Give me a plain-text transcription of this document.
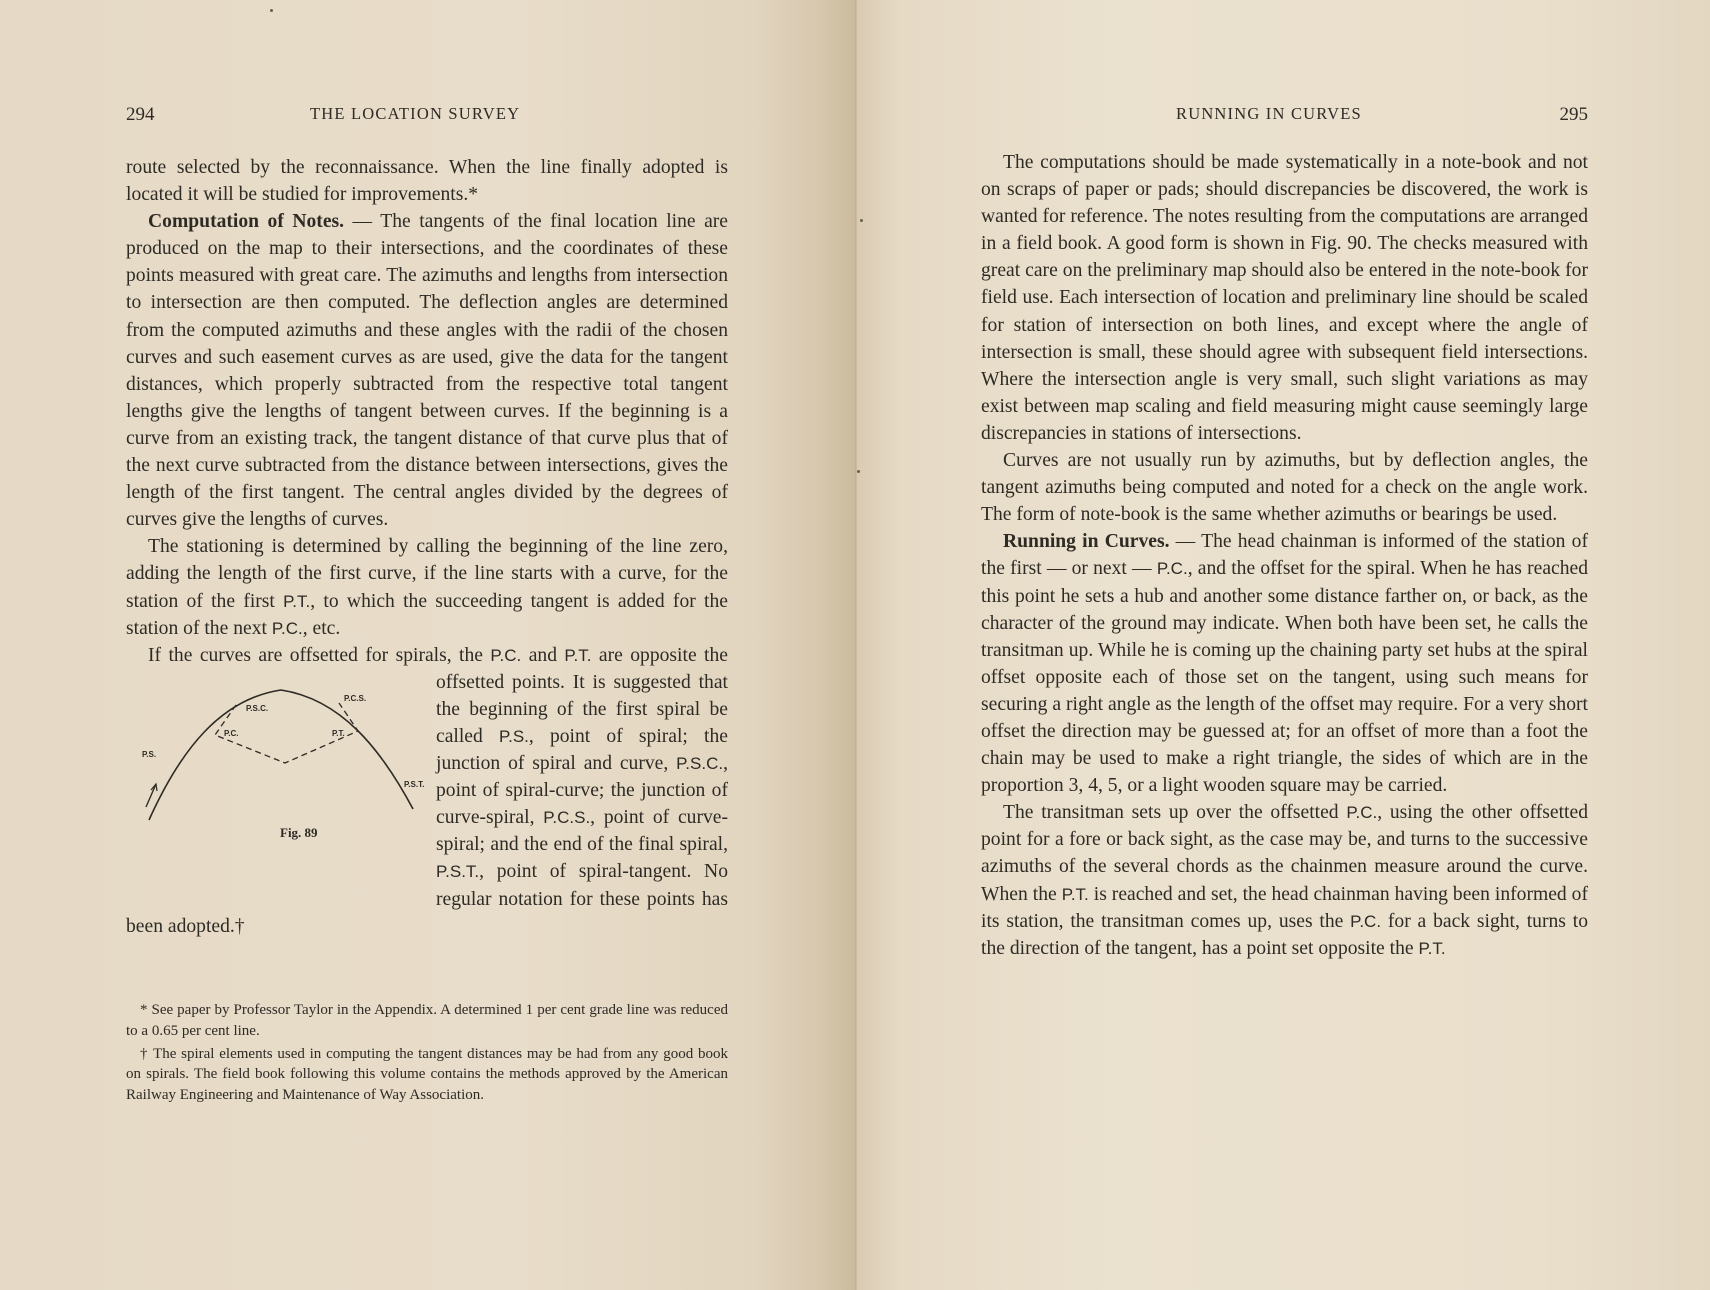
294	THE LOCATION SURVEY

route selected by the reconnaissance. When the line finally adopted is located it will be studied for improvements.*

Computation of Notes. — The tangents of the final location line are produced on the map to their intersections, and the coordinates of these points measured with great care. The azimuths and lengths from intersection to intersection are then computed. The deflection angles are determined from the computed azimuths and these angles with the radii of the chosen curves and such easement curves as are used, give the data for the tangent distances, which properly subtracted from the respective total tangent lengths give the lengths of tangent between curves. If the beginning is a curve from an existing track, the tangent distance of that curve plus that of the next curve subtracted from the distance between intersections, gives the length of the first tangent. The central angles divided by the degrees of curves give the lengths of curves.

The stationing is determined by calling the beginning of the line zero, adding the length of the first curve, if the line starts with a curve, for the station of the first P.T., to which the succeeding tangent is added for the station of the next P.C., etc.

If the curves are offsetted for spirals, the P.C. and P.T.
P.S.
P.S.C.
P.C.	P.T.
P.C.S.
P.S.T.
Fig. 89
are opposite the offsetted points. It is suggested that the beginning of the first spiral be called P.S., point of spiral; the junction of spiral and curve, P.S.C., point of spiral-curve; the junction of curve-spiral, P.C.S., point of curve-spiral; and the end of the final spiral, P.S.T., point of spiral-tangent. No regular notation for these points has been adopted.†

* See paper by Professor Taylor in the Appendix. A determined 1 per cent grade line was reduced to a 0.65 per cent line.

† The spiral elements used in computing the tangent distances may be had from any good book on spirals. The field book following this volume contains the methods approved by the American Railway Engineering and Maintenance of Way Association.

RUNNING IN CURVES	295

The computations should be made systematically in a note-book and not on scraps of paper or pads; should discrepancies be discovered, the work is wanted for reference. The notes resulting from the computations are arranged in a field book. A good form is shown in Fig. 90. The checks measured with great care on the preliminary map should also be entered in the note-book for field use. Each intersection of location and preliminary line should be scaled for station of intersection on both lines, and except where the angle of intersection is small, these should agree with subsequent field intersections. Where the intersection angle is very small, such slight variations as may exist between map scaling and field measuring might cause seemingly large discrepancies in stations of intersections.

Curves are not usually run by azimuths, but by deflection angles, the tangent azimuths being computed and noted for a check on the angle work. The form of note-book is the same whether azimuths or bearings be used.

Running in Curves. — The head chainman is informed of the station of the first — or next — P.C., and the offset for the spiral. When he has reached this point he sets a hub and another some distance farther on, or back, as the character of the ground may indicate. When both have been set, he calls the transitman up. While he is coming up the chaining party set hubs at the spiral offset opposite each of those set on the tangent, using such means for securing a right angle as the length of the offset may require. For a very short offset the direction may be guessed at; for an offset of more than a foot the chain may be used to make a right triangle, the sides of which are in the proportion 3, 4, 5, or a light wooden square may be carried.

The transitman sets up over the offsetted P.C., using the other offsetted point for a fore or back sight, as the case may be, and turns to the successive azimuths of the several chords as the chainmen measure around the curve. When the P.T. is reached and set, the head chainman having been informed of its station, the transitman comes up, uses the P.C. for a back sight, turns to the direction of the tangent, has a point set opposite the P.T.
